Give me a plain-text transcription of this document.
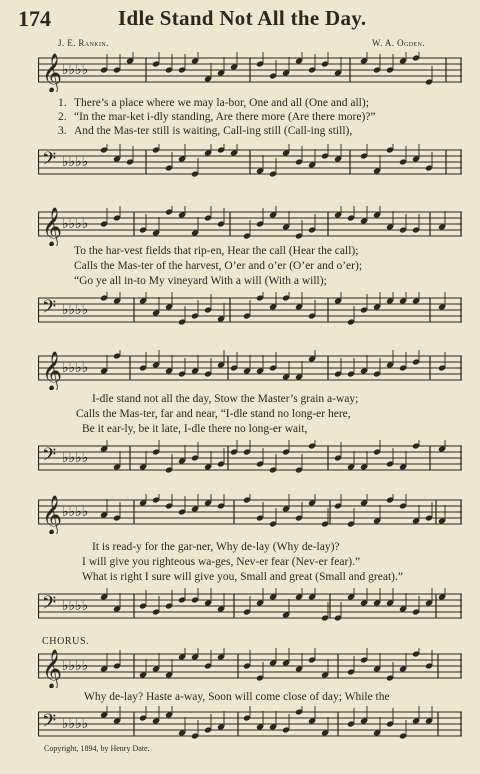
174	Idle Stand Not All the Day.
J. E. Rankin.	W. A. Ogden.
𝄞 ♭♭♭♭
1. There’s a place where we may la-bor, One and all (One and all);
2. “In the mar-ket i-dly standing, Are there more (Are there more)?”
3. And the Mas-ter still is waiting, Call-ing still (Call-ing still),
𝄢 ♭♭♭♭
𝄞 ♭♭♭♭
To the har-vest fields that rip-en, Hear the call (Hear the call);
Calls the Mas-ter of the harvest, O’er and o’er (O’er and o’er);
“Go ye all in-to My vineyard With a will (With a will);
𝄢 ♭♭♭♭
𝄞 ♭♭♭♭
I-dle stand not all the day, Stow the Master’s grain a-way;
Calls the Mas-ter, far and near, “I-dle stand no long-er here,
Be it ear-ly, be it late, I-dle there no long-er wait,
𝄢 ♭♭♭♭
𝄞 ♭♭♭♭
It is read-y for the gar-ner, Why de-lay (Why de-lay)?
I will give you righteous wa-ges, Nev-er fear (Nev-er fear).”
What is right I sure will give you, Small and great (Small and great).”
𝄢 ♭♭♭♭
CHORUS.
𝄞 ♭♭♭♭
Why de-lay? Haste a-way, Soon will come close of day; While the
𝄢 ♭♭♭♭
Copyright, 1894, by Henry Date.
